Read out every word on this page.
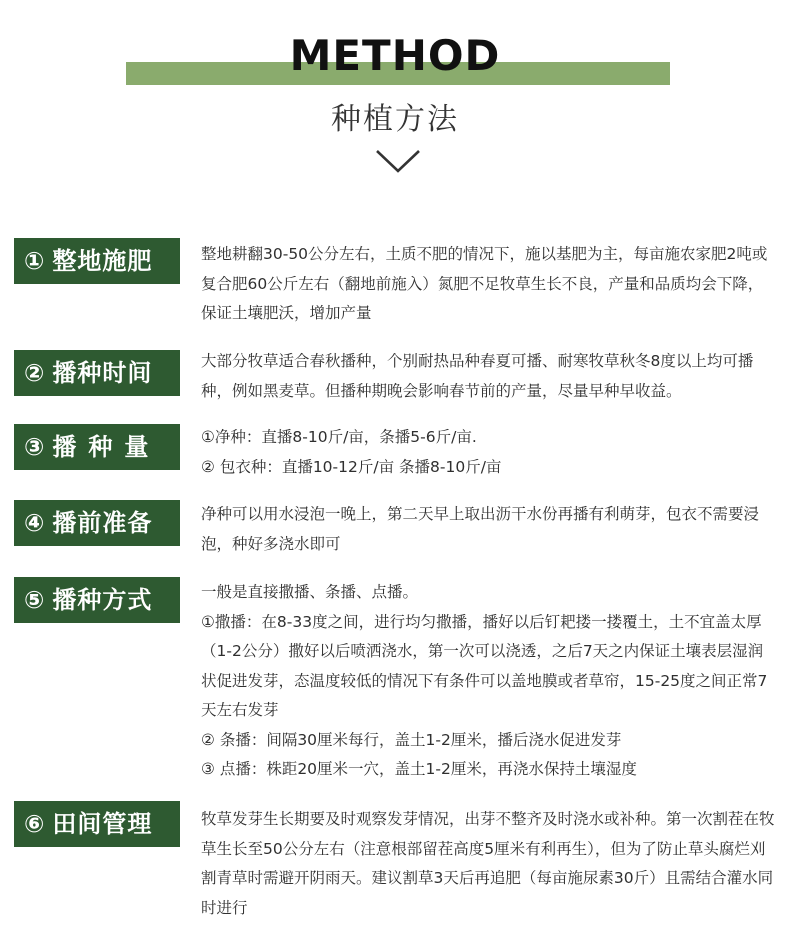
METHOD
种植方法
① 整地施肥	整地耕翻30-50公分左右，土质不肥的情况下，施以基肥为主，每亩施农家肥2吨或复合肥60公斤左右（翻地前施入）氮肥不足牧草生长不良，产量和品质均会下降，保证土壤肥沃，增加产量

② 播种时间	大部分牧草适合春秋播种，个别耐热品种春夏可播、耐寒牧草秋冬8度以上均可播种，例如黑麦草。但播种期晚会影响春节前的产量，尽量早种早收益。

③ 播种量	①净种：直播8-10斤/亩，条播5-6斤/亩.

② 包衣种：直播10-12斤/亩 条播8-10斤/亩

④ 播前准备	净种可以用水浸泡一晚上，第二天早上取出沥干水份再播有利萌芽，包衣不需要浸泡，种好多浇水即可

⑤ 播种方式	一般是直接撒播、条播、点播。

①撒播：在8-33度之间，进行均匀撒播，播好以后钉耙搂一搂覆土，土不宜盖太厚（1-2公分）撒好以后喷洒浇水，第一次可以浇透，之后7天之内保证土壤表层湿润状促进发芽，态温度较低的情况下有条件可以盖地膜或者草帘，15-25度之间正常7天左右发芽

② 条播：间隔30厘米每行，盖土1-2厘米，播后浇水促进发芽

③ 点播：株距20厘米一穴，盖土1-2厘米，再浇水保持土壤湿度

⑥ 田间管理	牧草发芽生长期要及时观察发芽情况，出芽不整齐及时浇水或补种。第一次割茬在牧草生长至50公分左右（注意根部留茬高度5厘米有利再生），但为了防止草头腐烂刈割青草时需避开阴雨天。建议割草3天后再追肥（每亩施尿素30斤）且需结合灌水同时进行
